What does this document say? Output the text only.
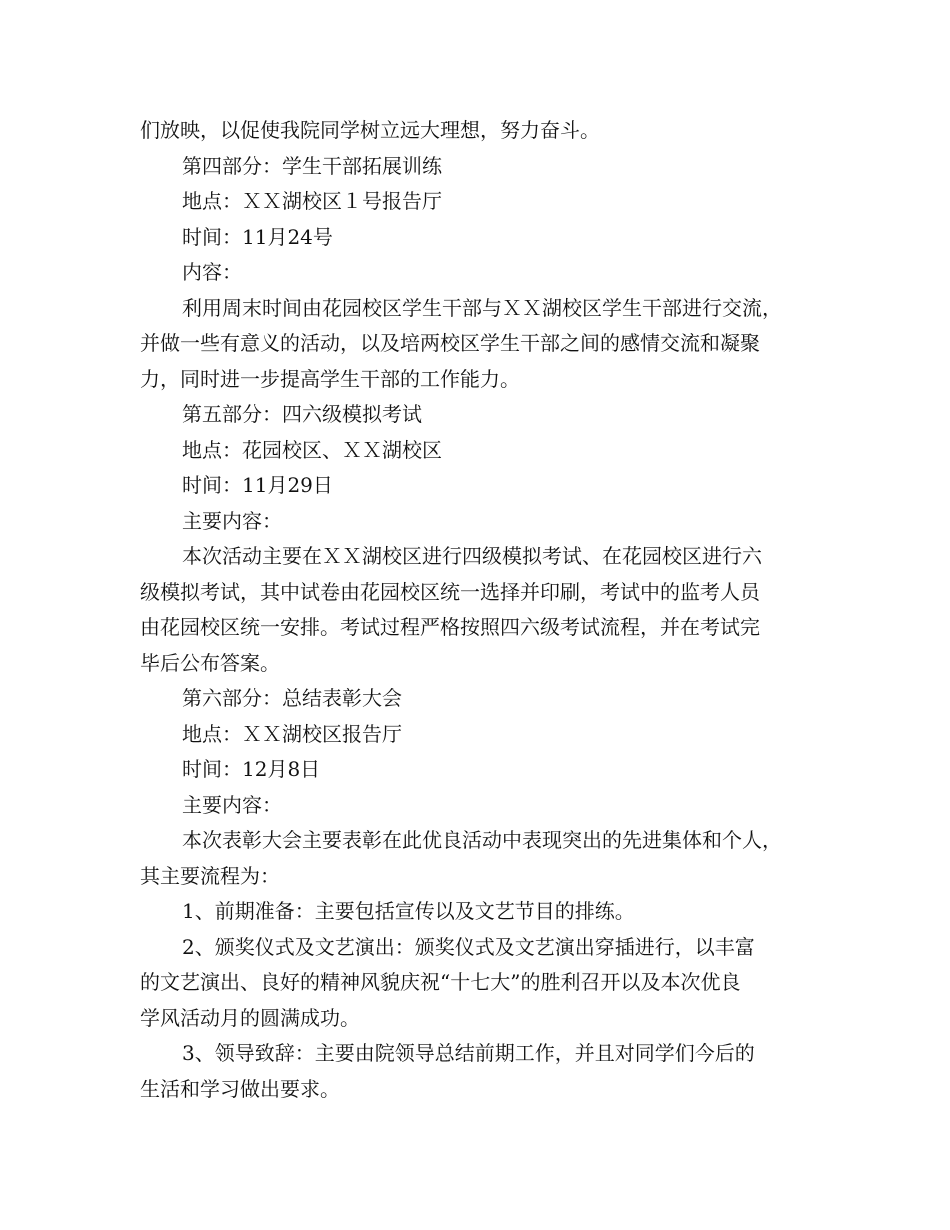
们放映，以促使我院同学树立远大理想，努力奋斗。

第四部分：学生干部拓展训练

地点：ＸＸ湖校区１号报告厅

时间：11月24号

内容：

利用周末时间由花园校区学生干部与ＸＸ湖校区学生干部进行交流，

并做一些有意义的活动，以及培两校区学生干部之间的感情交流和凝聚

力，同时进一步提高学生干部的工作能力。

第五部分：四六级模拟考试

地点：花园校区、ＸＸ湖校区

时间：11月29日

主要内容：

本次活动主要在ＸＸ湖校区进行四级模拟考试、在花园校区进行六

级模拟考试，其中试卷由花园校区统一选择并印刷，考试中的监考人员

由花园校区统一安排。考试过程严格按照四六级考试流程，并在考试完

毕后公布答案。

第六部分：总结表彰大会

地点：ＸＸ湖校区报告厅

时间：12月8日

主要内容：

本次表彰大会主要表彰在此优良活动中表现突出的先进集体和个人，

其主要流程为：

1、前期准备：主要包括宣传以及文艺节目的排练。

2、颁奖仪式及文艺演出：颁奖仪式及文艺演出穿插进行，以丰富

的文艺演出、良好的精神风貌庆祝“十七大”的胜利召开以及本次优良

学风活动月的圆满成功。

3、领导致辞：主要由院领导总结前期工作，并且对同学们今后的

生活和学习做出要求。
